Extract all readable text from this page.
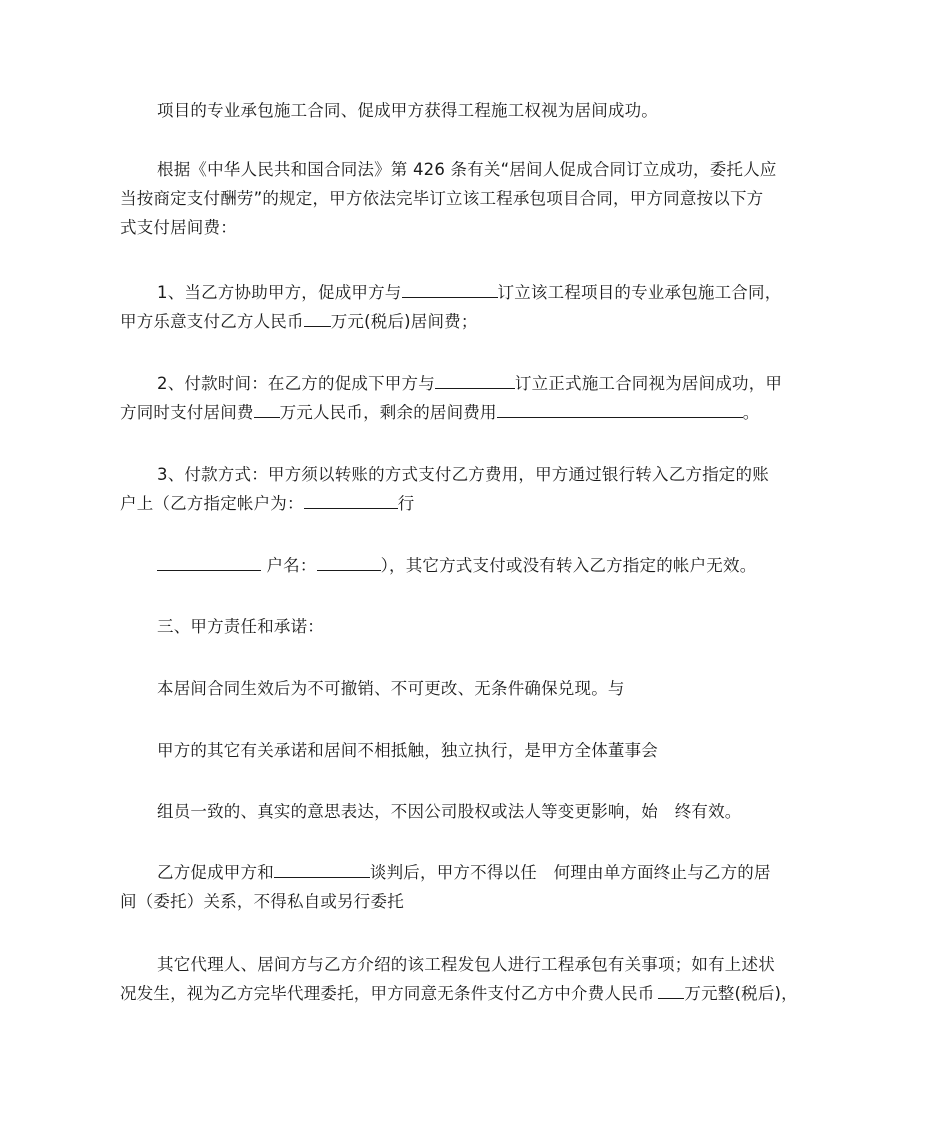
项目的专业承包施工合同、促成甲方获得工程施工权视为居间成功。
根据《中华人民共和国合同法》第 426 条有关“居间人促成合同订立成功，委托人应
当按商定支付酬劳”的规定，甲方依法完毕订立该工程承包项目合同，甲方同意按以下方
式支付居间费：
1、当乙方协助甲方，促成甲方与	订立该工程项目的专业承包施工合同，
甲方乐意支付乙方人民币 万元(税后)居间费；
2、付款时间：在乙方的促成下甲方与	订立正式施工合同视为居间成功，甲
方同时支付居间费 万元人民币，剩余的居间费用	。
3、付款方式：甲方须以转账的方式支付乙方费用，甲方通过银行转入乙方指定的账
户上（乙方指定帐户为：	行
户名：	），其它方式支付或没有转入乙方指定的帐户无效。
三、甲方责任和承诺：
本居间合同生效后为不可撤销、不可更改、无条件确保兑现。与
甲方的其它有关承诺和居间不相抵触，独立执行，是甲方全体董事会
组员一致的、真实的意思表达，不因公司股权或法人等变更影响，始　终有效。
乙方促成甲方和	谈判后，甲方不得以任　何理由单方面终止与乙方的居
间（委托）关系，不得私自或另行委托
其它代理人、居间方与乙方介绍的该工程发包人进行工程承包有关事项；如有上述状
况发生，视为乙方完毕代理委托，甲方同意无条件支付乙方中介费人民币 万元整(税后)，
